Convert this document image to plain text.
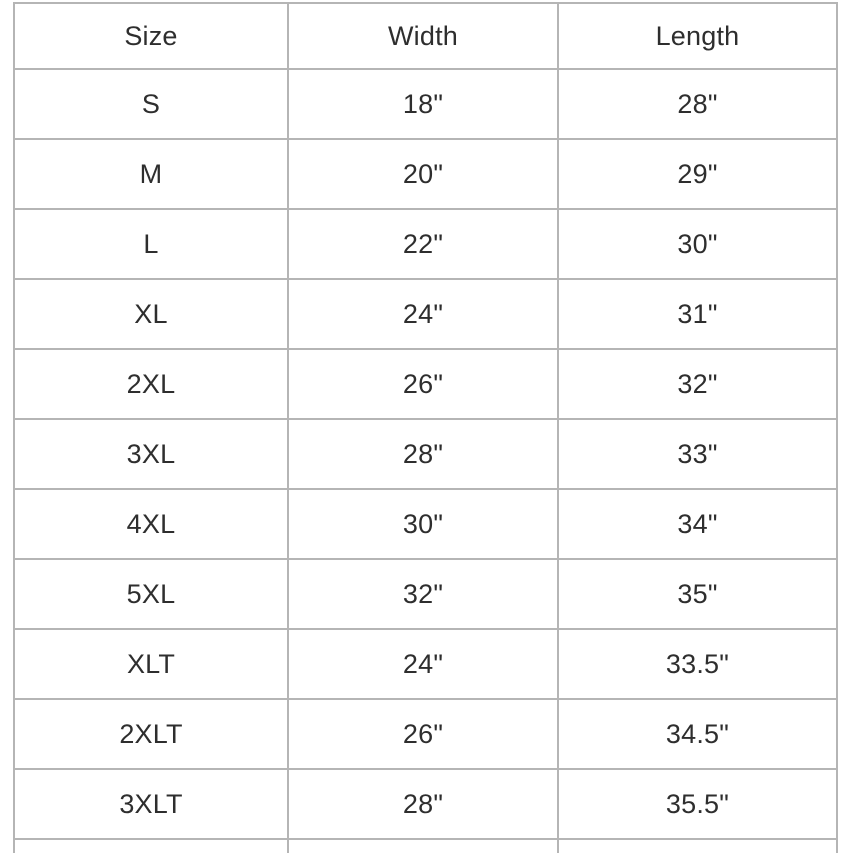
Size	Width	Length
S	18"	28"
M	20"	29"
L	22"	30"
XL	24"	31"
2XL	26"	32"
3XL	28"	33"
4XL	30"	34"
5XL	32"	35"
XLT	24"	33.5"
2XLT	26"	34.5"
3XLT	28"	35.5"
